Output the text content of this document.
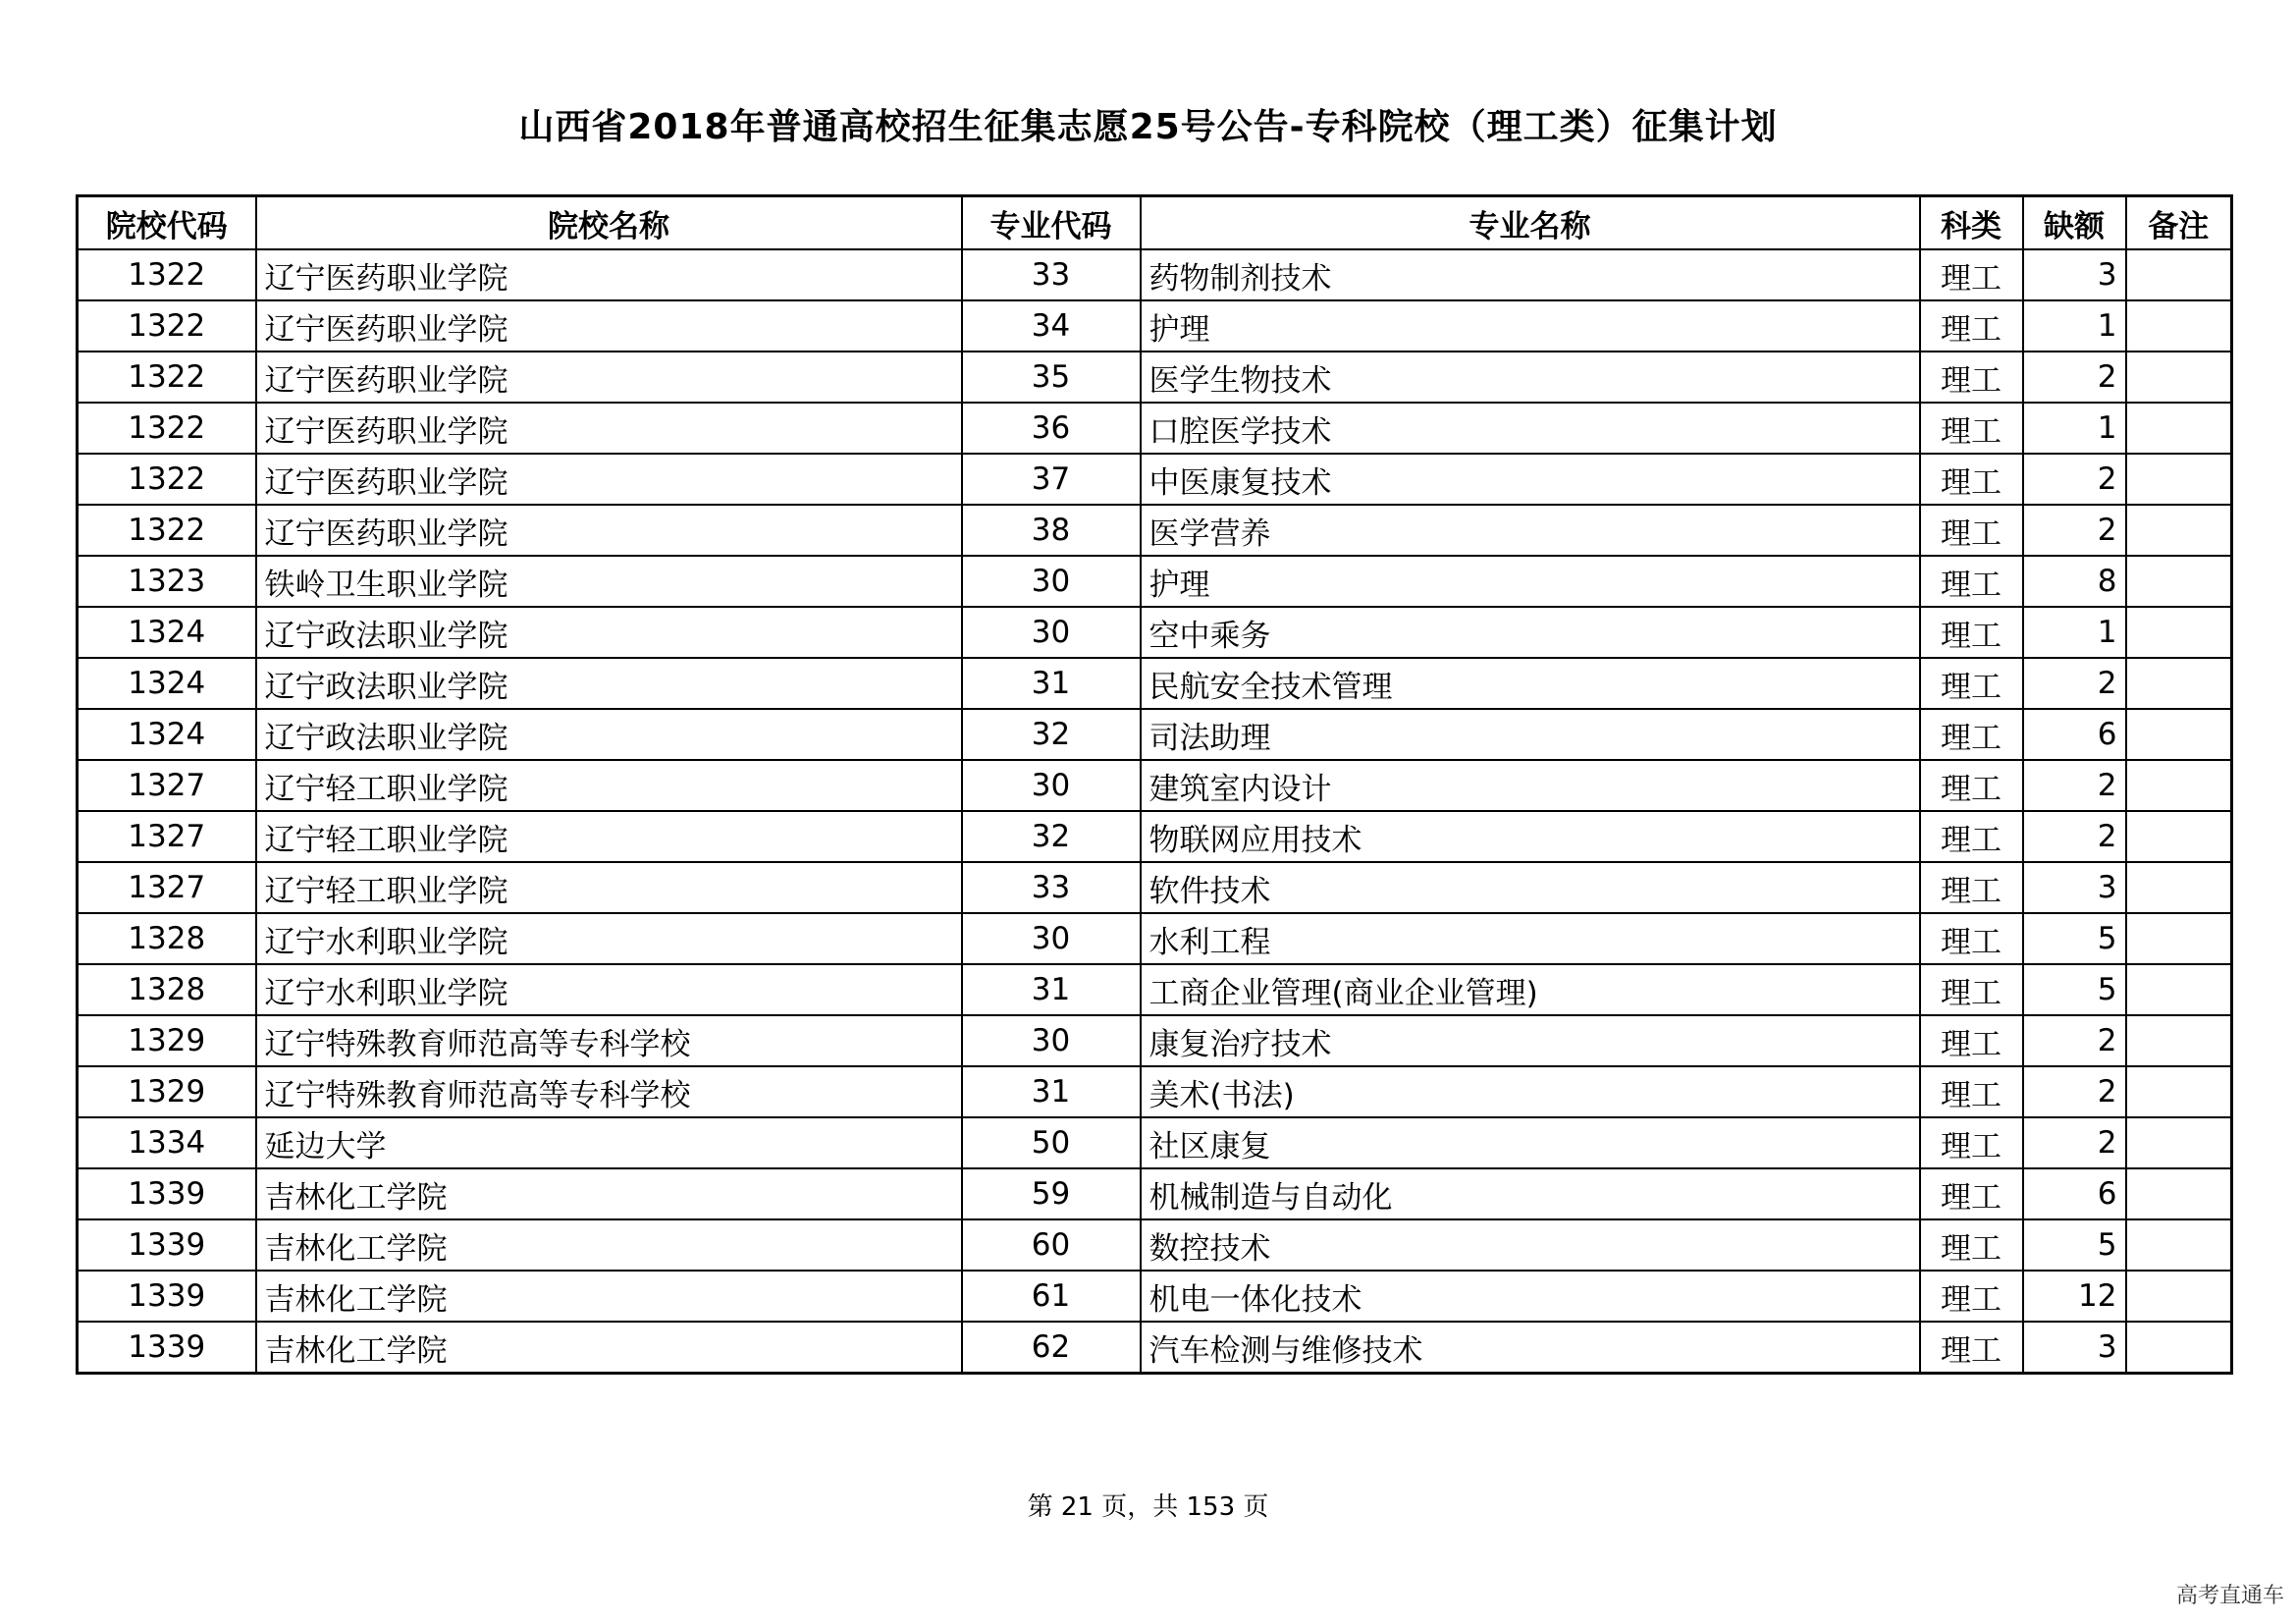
山西省2018年普通高校招生征集志愿25号公告-专科院校（理工类）征集计划
院校代码	院校名称	专业代码	专业名称	科类	缺额	备注
1322	辽宁医药职业学院	33	药物制剂技术	理工	3	
1322	辽宁医药职业学院	34	护理	理工	1	
1322	辽宁医药职业学院	35	医学生物技术	理工	2	
1322	辽宁医药职业学院	36	口腔医学技术	理工	1	
1322	辽宁医药职业学院	37	中医康复技术	理工	2	
1322	辽宁医药职业学院	38	医学营养	理工	2	
1323	铁岭卫生职业学院	30	护理	理工	8	
1324	辽宁政法职业学院	30	空中乘务	理工	1	
1324	辽宁政法职业学院	31	民航安全技术管理	理工	2	
1324	辽宁政法职业学院	32	司法助理	理工	6	
1327	辽宁轻工职业学院	30	建筑室内设计	理工	2	
1327	辽宁轻工职业学院	32	物联网应用技术	理工	2	
1327	辽宁轻工职业学院	33	软件技术	理工	3	
1328	辽宁水利职业学院	30	水利工程	理工	5	
1328	辽宁水利职业学院	31	工商企业管理(商业企业管理)	理工	5	
1329	辽宁特殊教育师范高等专科学校	30	康复治疗技术	理工	2	
1329	辽宁特殊教育师范高等专科学校	31	美术(书法)	理工	2	
1334	延边大学	50	社区康复	理工	2	
1339	吉林化工学院	59	机械制造与自动化	理工	6	
1339	吉林化工学院	60	数控技术	理工	5	
1339	吉林化工学院	61	机电一体化技术	理工	12	
1339	吉林化工学院	62	汽车检测与维修技术	理工	3	
第 21 页，共 153 页
高考直通车
